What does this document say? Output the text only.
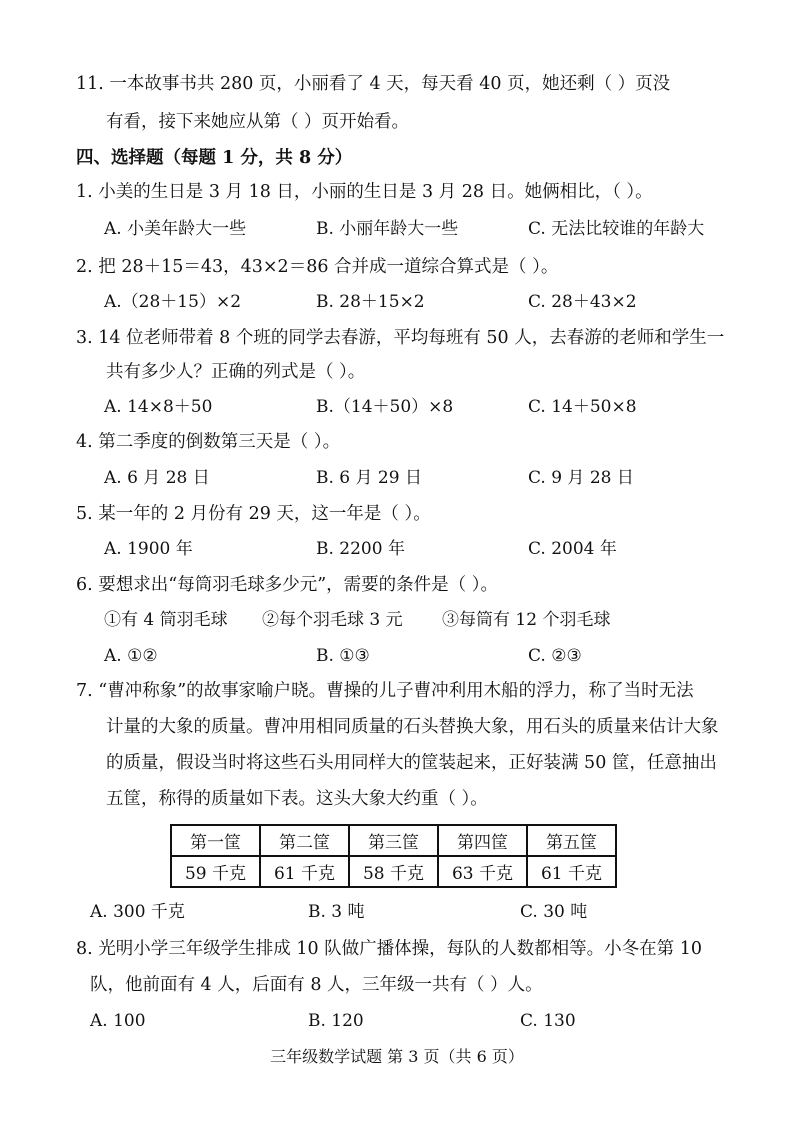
11. 一本故事书共 280 页，小丽看了 4 天，每天看 40 页，她还剩（ ）页没
有看，接下来她应从第（ ）页开始看。
四、选择题（每题 1 分，共 8 分）
1. 小美的生日是 3 月 18 日，小丽的生日是 3 月 28 日。她俩相比，（ ）。
A. 小美年龄大一些	B. 小丽年龄大一些	C. 无法比较谁的年龄大
2. 把 28＋15＝43，43×2＝86 合并成一道综合算式是（ ）。
A.（28＋15）×2	B. 28＋15×2	C. 28＋43×2
3. 14 位老师带着 8 个班的同学去春游，平均每班有 50 人，去春游的老师和学生一
共有多少人？正确的列式是（ ）。
A. 14×8＋50	B.（14＋50）×8	C. 14＋50×8
4. 第二季度的倒数第三天是（ ）。
A. 6 月 28 日	B. 6 月 29 日	C. 9 月 28 日
5. 某一年的 2 月份有 29 天，这一年是（ ）。
A. 1900 年	B. 2200 年	C. 2004 年
6. 要想求出“每筒羽毛球多少元”，需要的条件是（ ）。
①有 4 筒羽毛球 ②每个羽毛球 3 元 ③每筒有 12 个羽毛球
A. ①②	B. ①③	C. ②③
7. “曹冲称象”的故事家喻户晓。曹操的儿子曹冲利用木船的浮力，称了当时无法
计量的大象的质量。曹冲用相同质量的石头替换大象，用石头的质量来估计大象
的质量，假设当时将这些石头用同样大的筐装起来，正好装满 50 筐，任意抽出
五筐，称得的质量如下表。这头大象大约重（ ）。
第一筐	第二筐	第三筐	第四筐	第五筐
59 千克	61 千克	58 千克	63 千克	61 千克
A. 300 千克	B. 3 吨	C. 30 吨
8. 光明小学三年级学生排成 10 队做广播体操，每队的人数都相等。小冬在第 10
队，他前面有 4 人，后面有 8 人，三年级一共有（ ）人。
A. 100	B. 120	C. 130
三年级数学试题 第 3 页（共 6 页）
